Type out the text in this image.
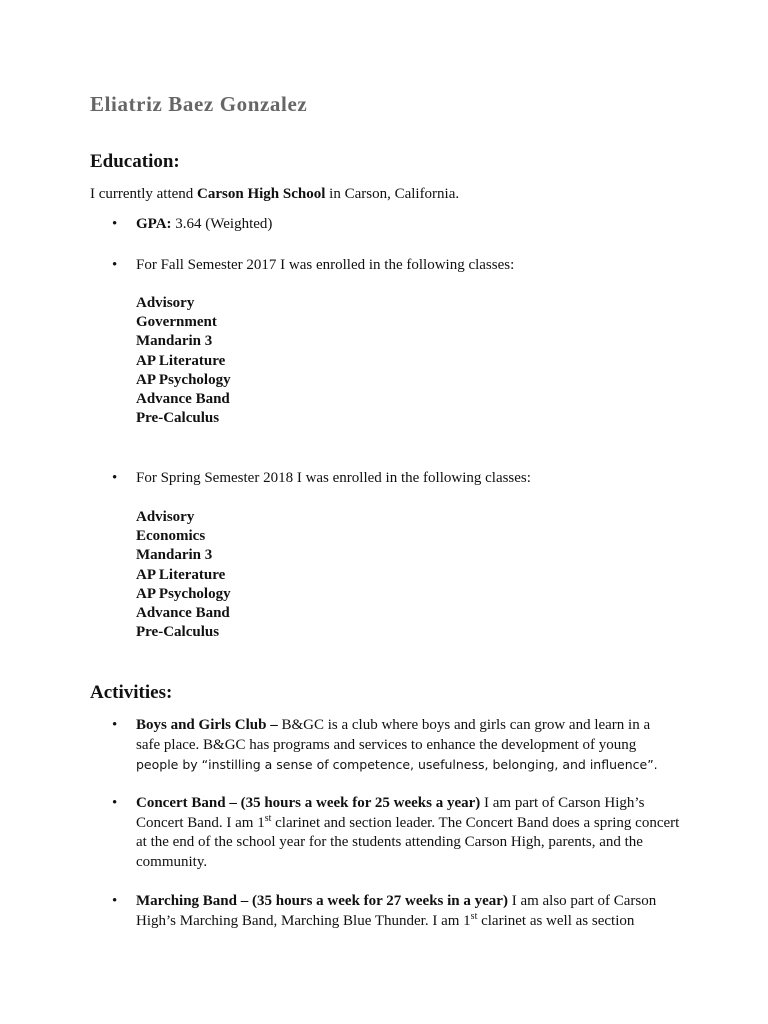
Eliatriz Baez Gonzalez
Education:

I currently attend Carson High School in Carson, California.

• GPA: 3.64 (Weighted)

• For Fall Semester 2017 I was enrolled in the following classes:

Advisory
Government
Mandarin 3
AP Literature
AP Psychology
Advance Band
Pre-Calculus
• For Spring Semester 2018 I was enrolled in the following classes:

Advisory
Economics
Mandarin 3
AP Literature
AP Psychology
Advance Band
Pre-Calculus
Activities:
• Boys and Girls Club – B&GC is a club where boys and girls can grow and learn in a safe place. B&GC has programs and services to enhance the development of young

people by “instilling a sense of competence, usefulness, belonging, and influence”.

• Concert Band – (35 hours a week for 25 weeks a year) I am part of Carson High’s Concert Band. I am 1st clarinet and section leader. The Concert Band does a spring concert at the end of the school year for the students attending Carson High, parents, and the community.

• Marching Band – (35 hours a week for 27 weeks in a year) I am also part of Carson High’s Marching Band, Marching Blue Thunder. I am 1st clarinet as well as section
